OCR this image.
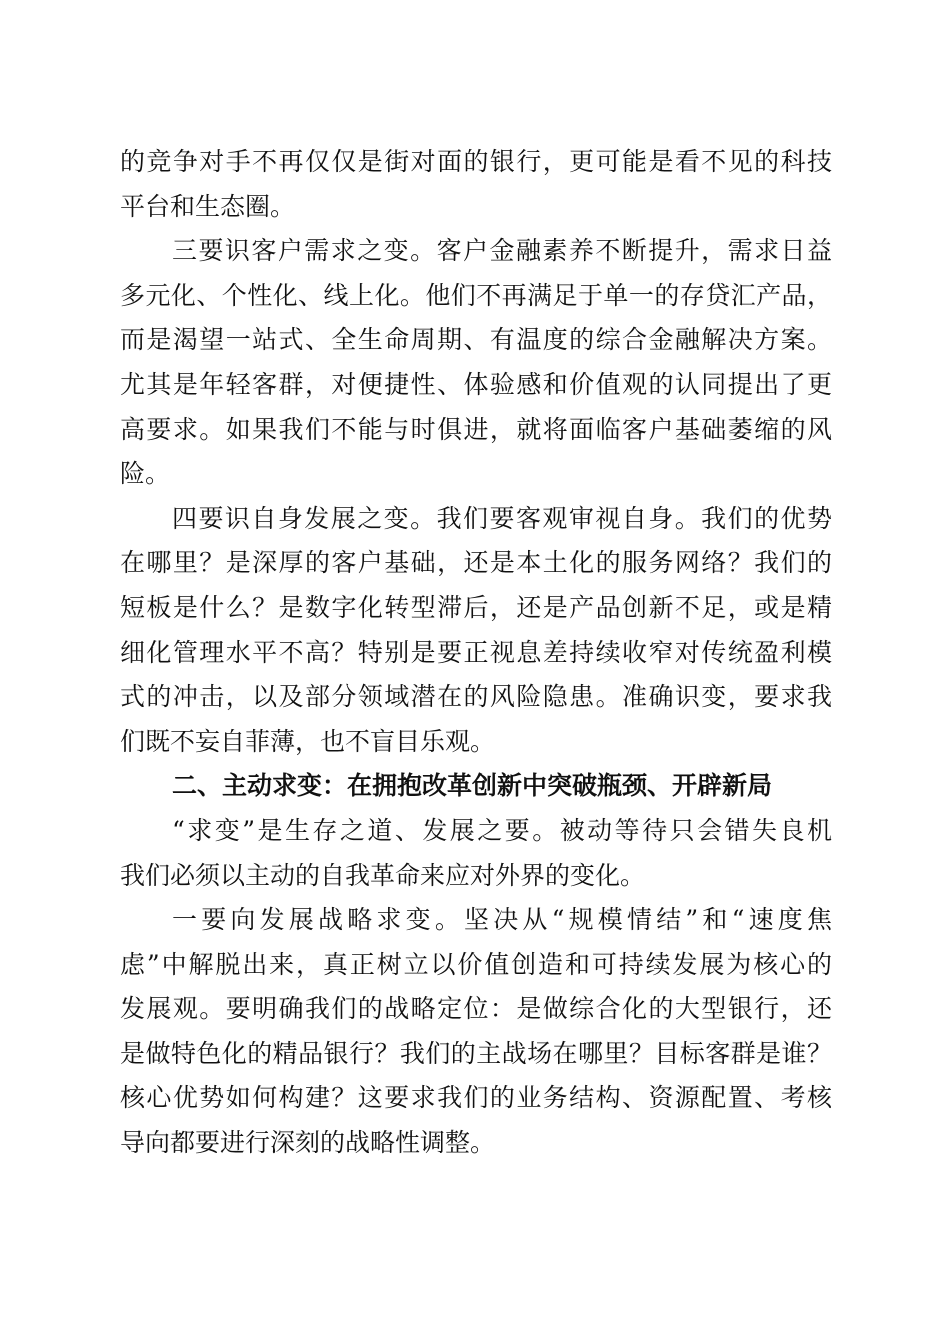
的竞争对手不再仅仅是街对面的银行，更可能是看不见的科技
平台和生态圈。
三要识客户需求之变。客户金融素养不断提升，需求日益
多元化、个性化、线上化。他们不再满足于单一的存贷汇产品，
而是渴望一站式、全生命周期、有温度的综合金融解决方案。
尤其是年轻客群，对便捷性、体验感和价值观的认同提出了更
高要求。如果我们不能与时俱进，就将面临客户基础萎缩的风
险。
四要识自身发展之变。我们要客观审视自身。我们的优势
在哪里？是深厚的客户基础，还是本土化的服务网络？我们的
短板是什么？是数字化转型滞后，还是产品创新不足，或是精
细化管理水平不高？特别是要正视息差持续收窄对传统盈利模
式的冲击，以及部分领域潜在的风险隐患。准确识变，要求我
们既不妄自菲薄，也不盲目乐观。
二、主动求变：在拥抱改革创新中突破瓶颈、开辟新局
“求变”是生存之道、发展之要。被动等待只会错失良机
我们必须以主动的自我革命来应对外界的变化。
一要向发展战略求变。坚决从“规模情结”和“速度焦
虑”中解脱出来，真正树立以价值创造和可持续发展为核心的
发展观。要明确我们的战略定位：是做综合化的大型银行，还
是做特色化的精品银行？我们的主战场在哪里？目标客群是谁？
核心优势如何构建？这要求我们的业务结构、资源配置、考核
导向都要进行深刻的战略性调整。
